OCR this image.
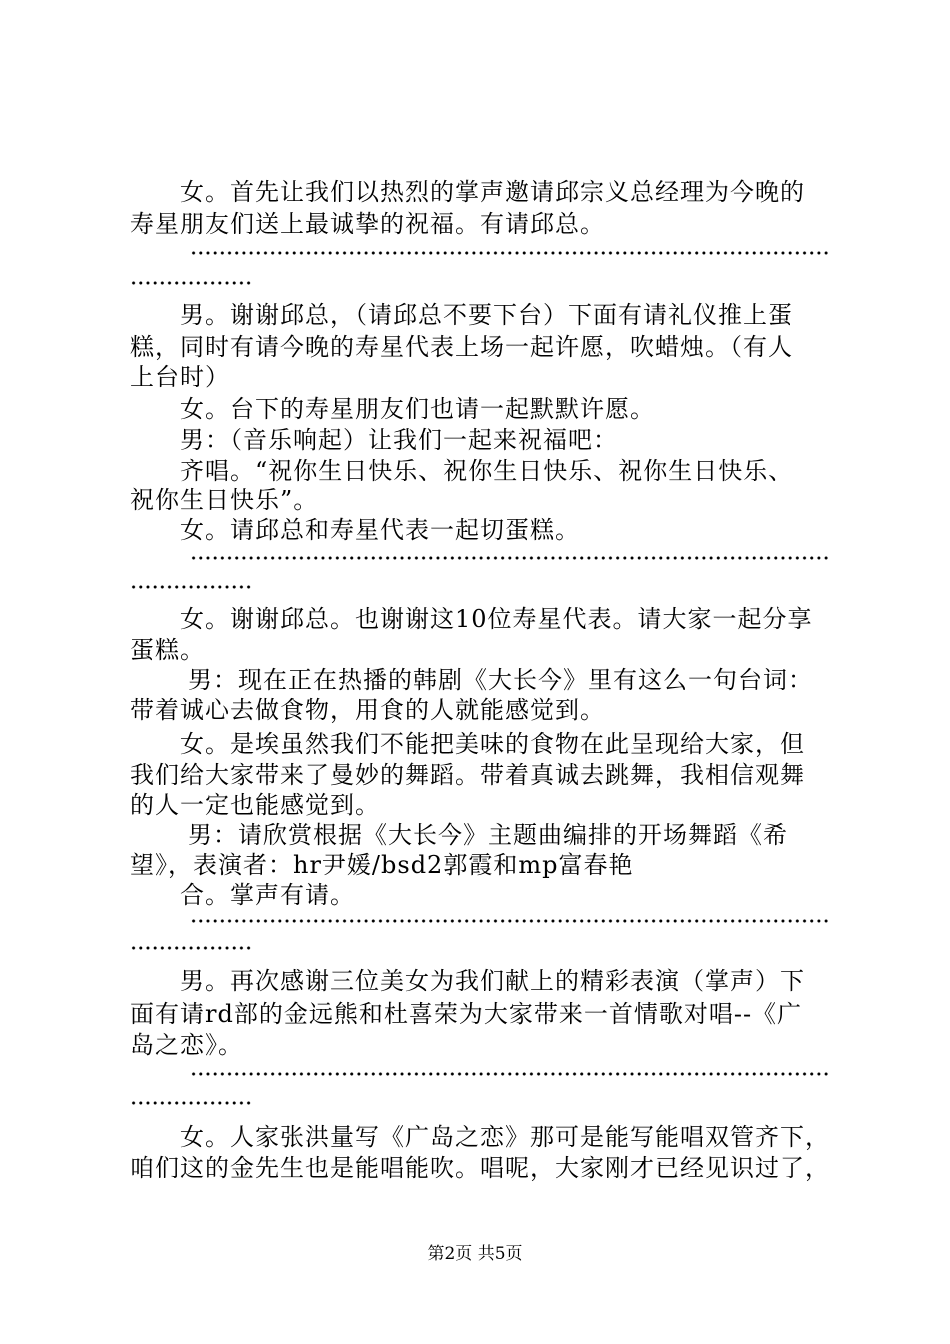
女。首先让我们以热烈的掌声邀请邱宗义总经理为今晚的
寿星朋友们送上最诚挚的祝福。有请邱总。
男。谢谢邱总，（请邱总不要下台）下面有请礼仪推上蛋
糕，同时有请今晚的寿星代表上场一起许愿，吹蜡烛。（有人
上台时）
女。台下的寿星朋友们也请一起默默许愿。
男：（音乐响起）让我们一起来祝福吧：
齐唱。“祝你生日快乐、祝你生日快乐、祝你生日快乐、
祝你生日快乐”。
女。请邱总和寿星代表一起切蛋糕。
女。谢谢邱总。也谢谢这10位寿星代表。请大家一起分享
蛋糕。
男：现在正在热播的韩剧《大长今》里有这么一句台词：
带着诚心去做食物，用食的人就能感觉到。
女。是埃虽然我们不能把美味的食物在此呈现给大家，但
我们给大家带来了曼妙的舞蹈。带着真诚去跳舞，我相信观舞
的人一定也能感觉到。
男：请欣赏根据《大长今》主题曲编排的开场舞蹈《希
望》，表演者：hr尹媛/bsd2郭霞和mp富春艳
合。掌声有请。
男。再次感谢三位美女为我们献上的精彩表演（掌声）下
面有请rd部的金远熊和杜喜荣为大家带来一首情歌对唱--《广
岛之恋》。
女。人家张洪量写《广岛之恋》那可是能写能唱双管齐下，
咱们这的金先生也是能唱能吹。唱呢，大家刚才已经见识过了，
第2页 共5页
